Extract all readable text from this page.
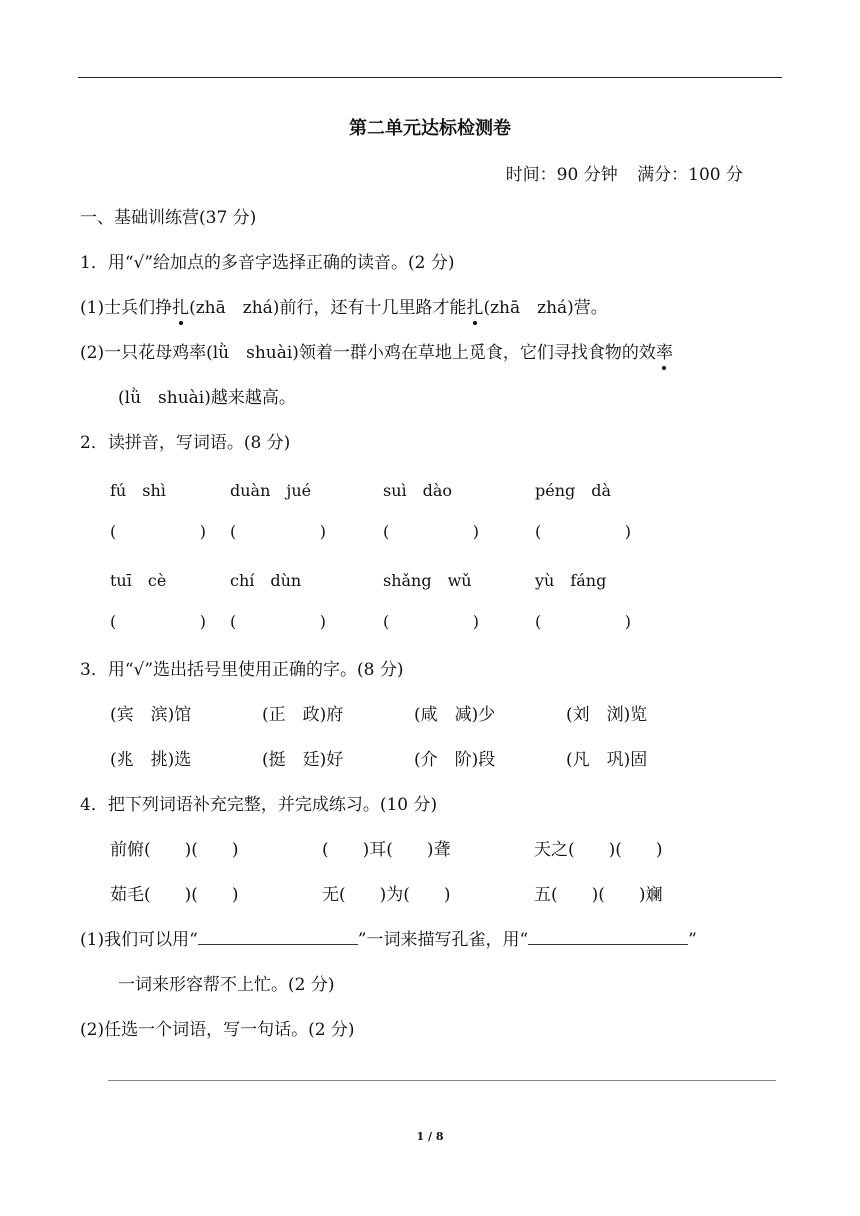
第二单元达标检测卷
时间：90 分钟 满分：100 分
一、基础训练营(37 分)
1．用“√”给加点的多音字选择正确的读音。(2 分)
(1)士兵们挣扎(zhā　zhá)前行，还有十几里路才能扎(zhā　zhá)营。
(2)一只花母鸡率(lǜ　shuài)领着一群小鸡在草地上觅食，它们寻找食物的效率
(lǜ　shuài)越来越高。
2．读拼音，写词语。(8 分)
fú　shì	duàn　jué	suì　dào	péng　dà
(	) (	)	(	)	(	)
tuī　cè	chí　dùn	shǎng　wǔ	yù　fáng
(	) (	)	(	)	(	)
3．用“√”选出括号里使用正确的字。(8 分)
(宾　滨)馆	(正　政)府	(咸　减)少	(刘　浏)览
(兆　挑)选	(挺　廷)好	(介　阶)段	(凡　巩)固
4．把下列词语补充完整，并完成练习。(10 分)
前俯(　　)(　　)	(　　)耳(　　)聋	天之(　　)(　　)
茹毛(　　)(　　)	无(　　)为(　　)	五(　　)(　　)斓
(1)我们可以用“	”一词来描写孔雀，用“	”
一词来形容帮不上忙。(2 分)
(2)任选一个词语，写一句话。(2 分)
1 / 8
